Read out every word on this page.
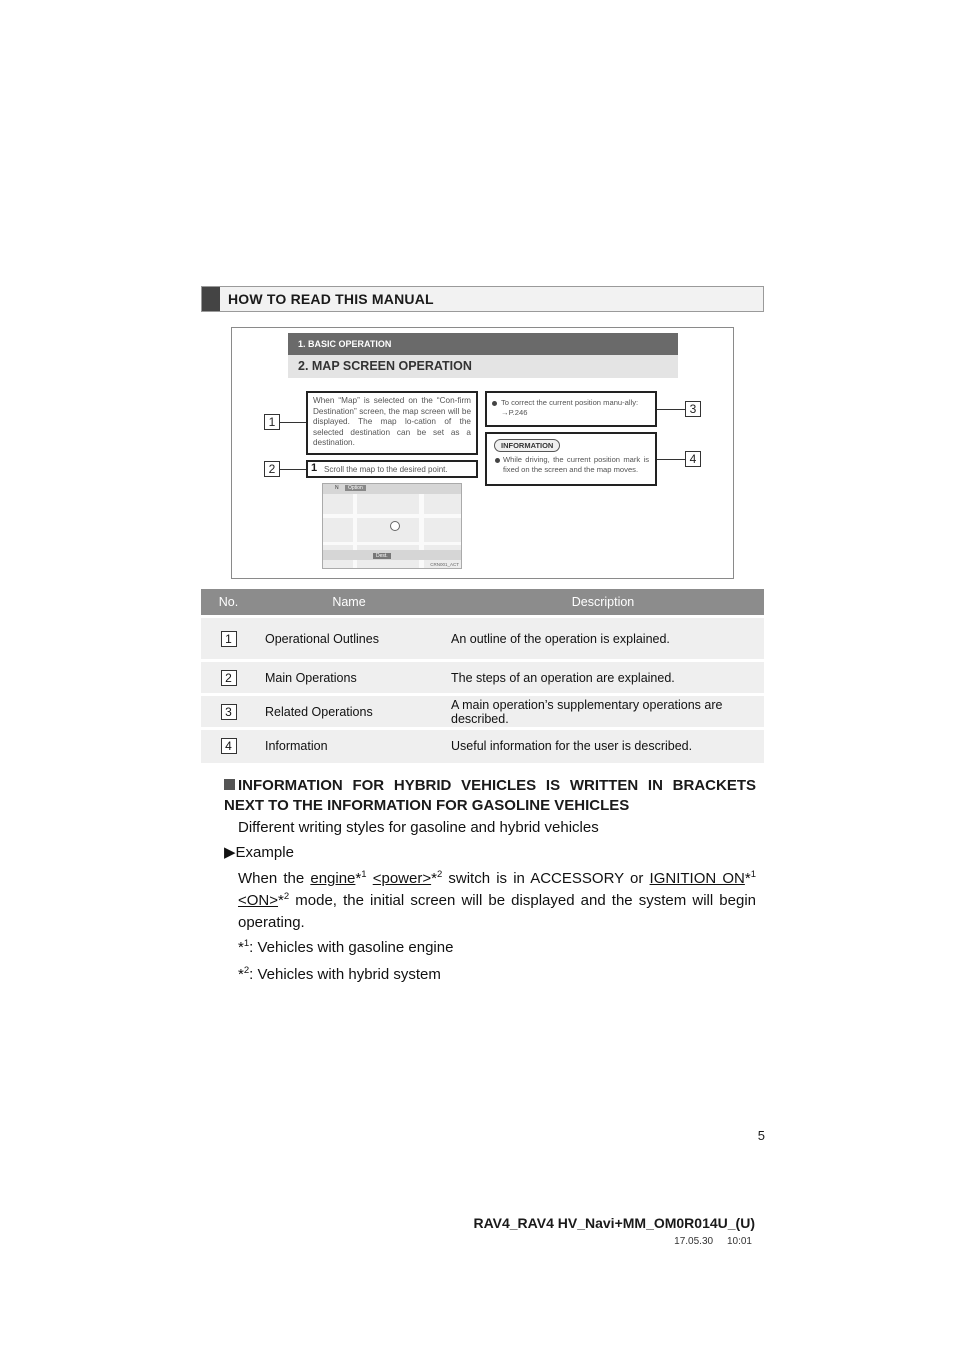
HOW TO READ THIS MANUAL
1. BASIC OPERATION
2. MAP SCREEN OPERATION

When “Map” is selected on the “Con-firm Destination” screen, the map screen will be displayed. The map lo-cation of the selected destination can be set as a destination.

1 Scroll the map to the desired point.

To correct the current position manu-ally: →P.246

INFORMATION

While driving, the current position mark is fixed on the screen and the map moves.

N	Option
Dest.
CRN001_ACT
1
2
3
4
No.	Name	Description
1	Operational Outlines	An outline of the operation is explained.
2	Main Operations	The steps of an operation are explained.
3	Related Operations	A main operation’s supplementary operations are described.
4	Information	Useful information for the user is described.
INFORMATION FOR HYBRID VEHICLES IS WRITTEN IN BRACKETS NEXT TO THE INFORMATION FOR GASOLINE VEHICLES
Different writing styles for gasoline and hybrid vehicles
▶Example
When the engine*$^1$ <power>*$^2$ switch is in ACCESSORY or IGNITION ON*$^1$ <ON>*$^2$ mode, the initial screen will be displayed and the system will begin operating.
*$^1$: Vehicles with gasoline engine
*$^2$: Vehicles with hybrid system
5
RAV4_RAV4 HV_Navi+MM_OM0R014U_(U)
17.05.30     10:01
